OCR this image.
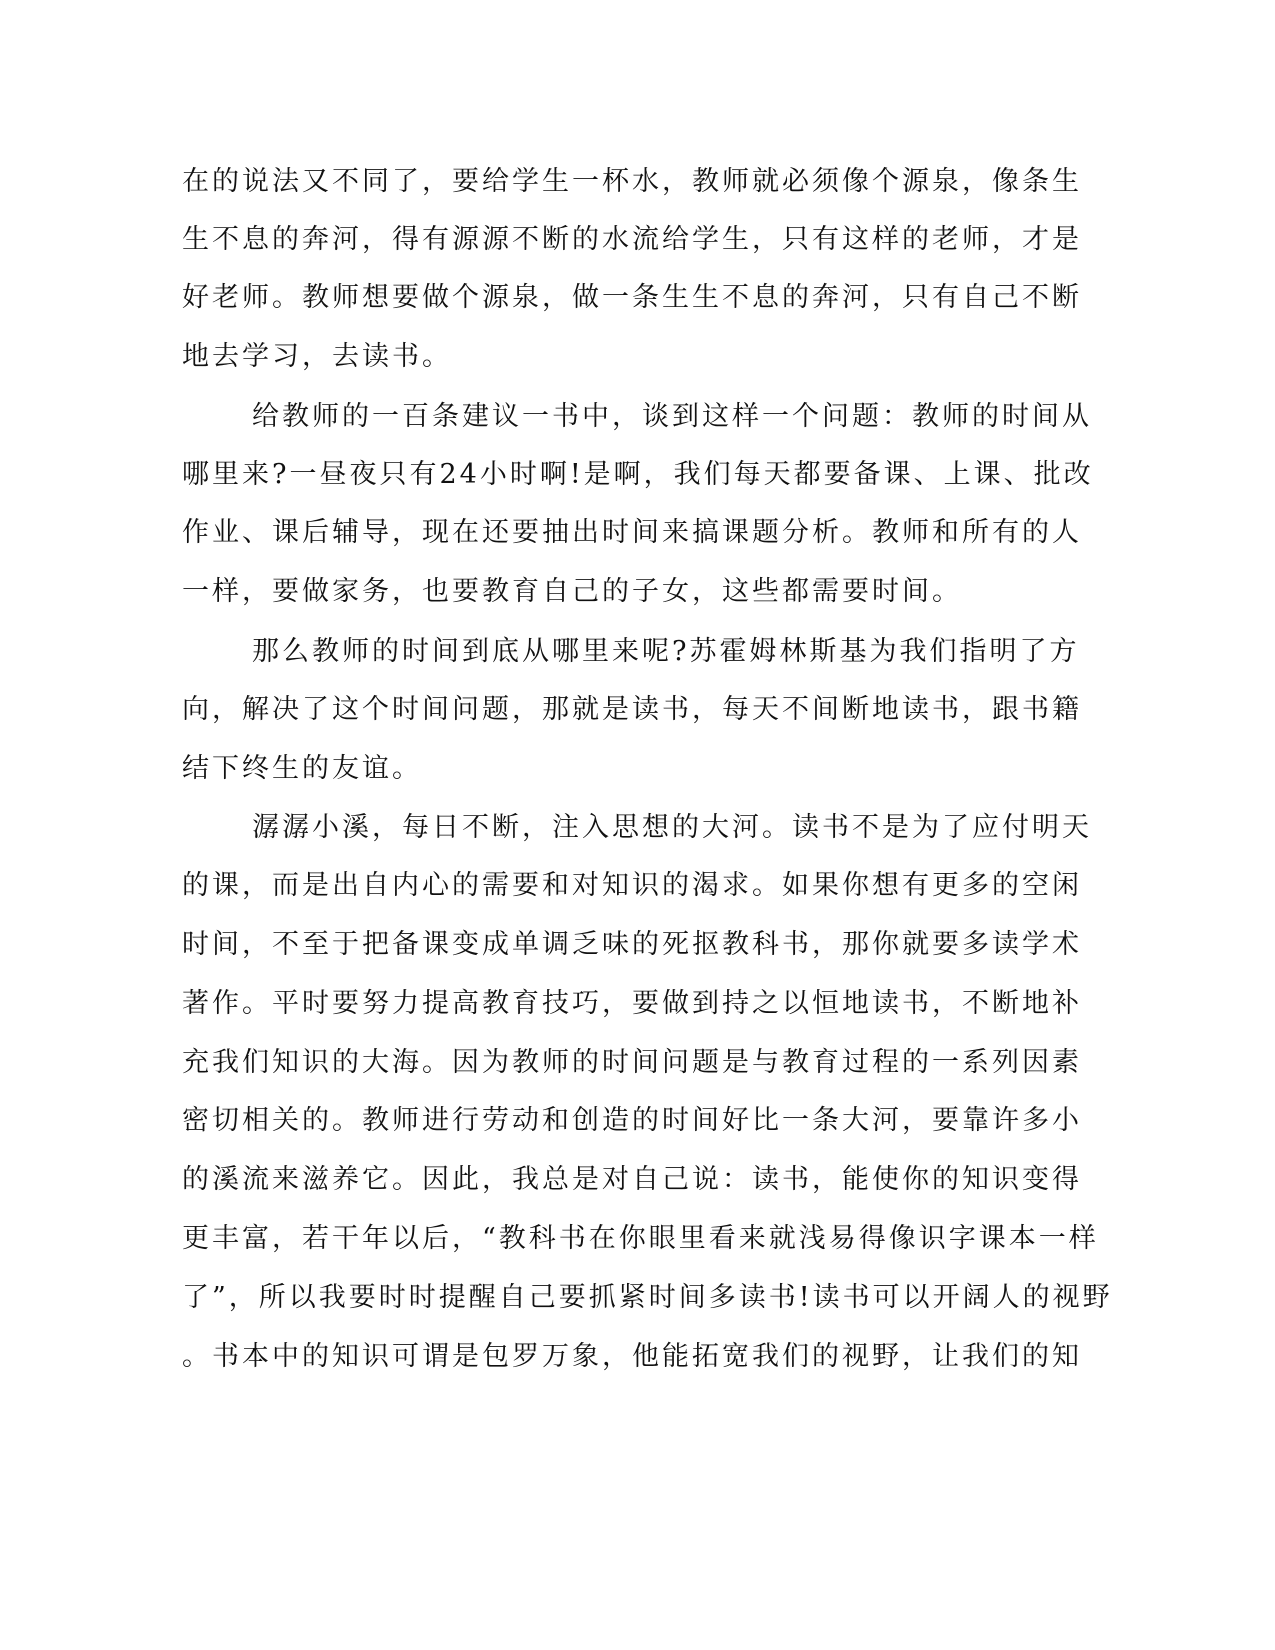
在的说法又不同了，要给学生一杯水，教师就必须像个源泉，像条生
生不息的奔河，得有源源不断的水流给学生，只有这样的老师，才是
好老师。教师想要做个源泉，做一条生生不息的奔河，只有自己不断
地去学习，去读书。
给教师的一百条建议一书中，谈到这样一个问题：教师的时间从
哪里来?一昼夜只有24小时啊!是啊，我们每天都要备课、上课、批改
作业、课后辅导，现在还要抽出时间来搞课题分析。教师和所有的人
一样，要做家务，也要教育自己的子女，这些都需要时间。
那么教师的时间到底从哪里来呢?苏霍姆林斯基为我们指明了方
向，解决了这个时间问题，那就是读书，每天不间断地读书，跟书籍
结下终生的友谊。
潺潺小溪，每日不断，注入思想的大河。读书不是为了应付明天
的课，而是出自内心的需要和对知识的渴求。如果你想有更多的空闲
时间，不至于把备课变成单调乏味的死抠教科书，那你就要多读学术
著作。平时要努力提高教育技巧，要做到持之以恒地读书，不断地补
充我们知识的大海。因为教师的时间问题是与教育过程的一系列因素
密切相关的。教师进行劳动和创造的时间好比一条大河，要靠许多小
的溪流来滋养它。因此，我总是对自己说：读书，能使你的知识变得
更丰富，若干年以后，“教科书在你眼里看来就浅易得像识字课本一样
了”，所以我要时时提醒自己要抓紧时间多读书!读书可以开阔人的视野
。书本中的知识可谓是包罗万象，他能拓宽我们的视野，让我们的知
